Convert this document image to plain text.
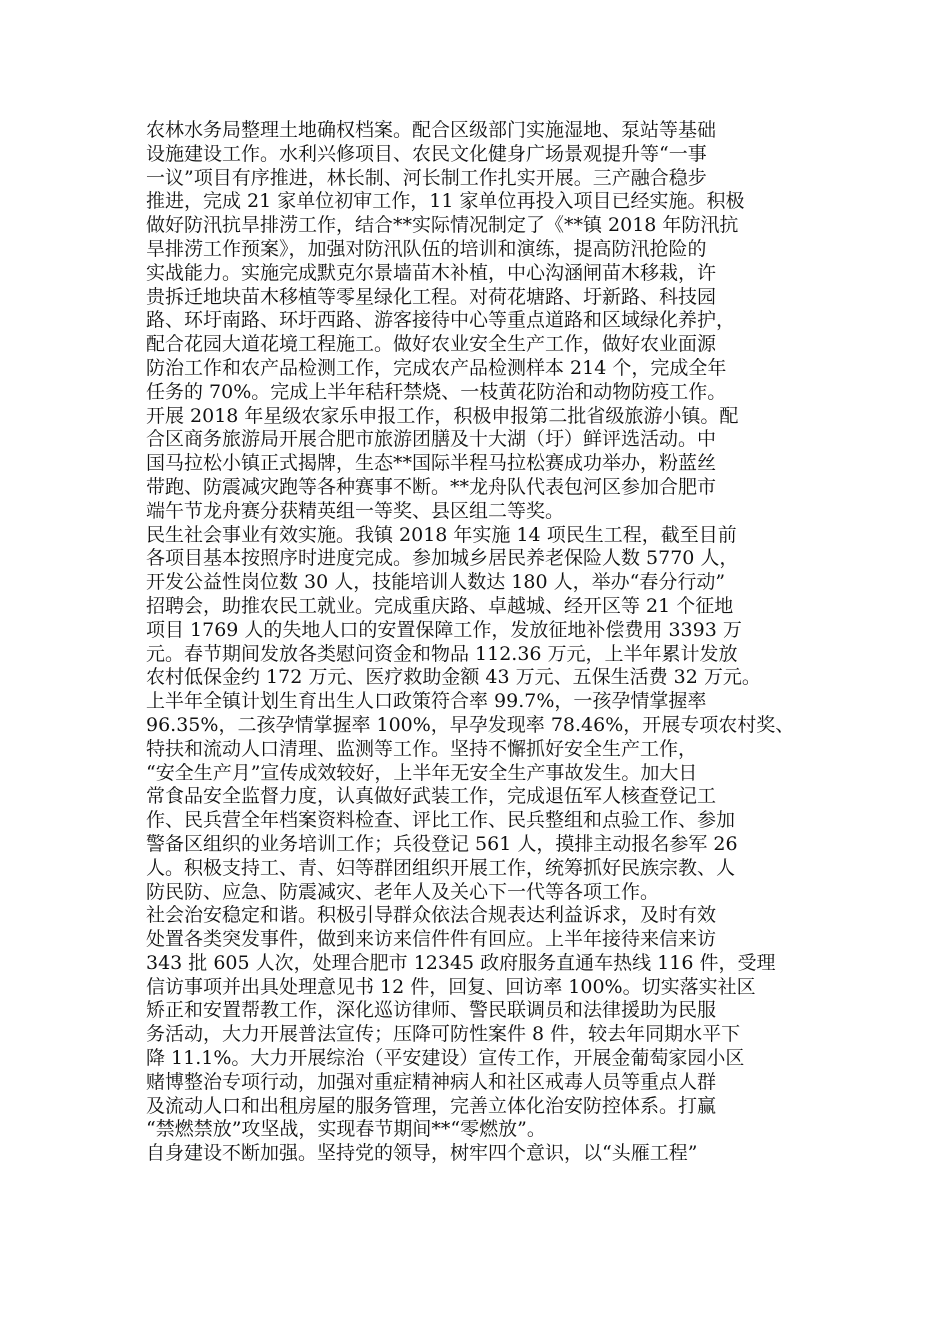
农林水务局整理土地确权档案。配合区级部门实施湿地、泵站等基础
设施建设工作。水利兴修项目、农民文化健身广场景观提升等“一事
一议”项目有序推进，林长制、河长制工作扎实开展。三产融合稳步
推进，完成 21 家单位初审工作，11 家单位再投入项目已经实施。积极
做好防汛抗旱排涝工作，结合**实际情况制定了《**镇 2018 年防汛抗
旱排涝工作预案》，加强对防汛队伍的培训和演练，提高防汛抢险的
实战能力。实施完成默克尔景墙苗木补植，中心沟涵闸苗木移栽，许
贵拆迁地块苗木移植等零星绿化工程。对荷花塘路、圩新路、科技园
路、环圩南路、环圩西路、游客接待中心等重点道路和区域绿化养护，
配合花园大道花境工程施工。做好农业安全生产工作，做好农业面源
防治工作和农产品检测工作，完成农产品检测样本 214 个，完成全年
任务的 70%。完成上半年秸秆禁烧、一枝黄花防治和动物防疫工作。
开展 2018 年星级农家乐申报工作，积极申报第二批省级旅游小镇。配
合区商务旅游局开展合肥市旅游团膳及十大湖（圩）鲜评选活动。中
国马拉松小镇正式揭牌，生态**国际半程马拉松赛成功举办，粉蓝丝
带跑、防震减灾跑等各种赛事不断。**龙舟队代表包河区参加合肥市
端午节龙舟赛分获精英组一等奖、县区组二等奖。
民生社会事业有效实施。我镇 2018 年实施 14 项民生工程，截至目前
各项目基本按照序时进度完成。参加城乡居民养老保险人数 5770 人，
开发公益性岗位数 30 人，技能培训人数达 180 人，举办“春分行动”
招聘会，助推农民工就业。完成重庆路、卓越城、经开区等 21 个征地
项目 1769 人的失地人口的安置保障工作，发放征地补偿费用 3393 万
元。春节期间发放各类慰问资金和物品 112.36 万元，上半年累计发放
农村低保金约 172 万元、医疗救助金额 43 万元、五保生活费 32 万元。
上半年全镇计划生育出生人口政策符合率 99.7%，一孩孕情掌握率
96.35%，二孩孕情掌握率 100%，早孕发现率 78.46%，开展专项农村奖、
特扶和流动人口清理、监测等工作。坚持不懈抓好安全生产工作，
“安全生产月”宣传成效较好，上半年无安全生产事故发生。加大日
常食品安全监督力度，认真做好武装工作，完成退伍军人核查登记工
作、民兵营全年档案资料检查、评比工作、民兵整组和点验工作、参加
警备区组织的业务培训工作；兵役登记 561 人，摸排主动报名参军 26
人。积极支持工、青、妇等群团组织开展工作，统筹抓好民族宗教、人
防民防、应急、防震减灾、老年人及关心下一代等各项工作。
社会治安稳定和谐。积极引导群众依法合规表达利益诉求，及时有效
处置各类突发事件，做到来访来信件件有回应。上半年接待来信来访
343 批 605 人次，处理合肥市 12345 政府服务直通车热线 116 件，受理
信访事项并出具处理意见书 12 件，回复、回访率 100%。切实落实社区
矫正和安置帮教工作，深化巡访律师、警民联调员和法律援助为民服
务活动，大力开展普法宣传；压降可防性案件 8 件，较去年同期水平下
降 11.1%。大力开展综治（平安建设）宣传工作，开展金葡萄家园小区
赌博整治专项行动，加强对重症精神病人和社区戒毒人员等重点人群
及流动人口和出租房屋的服务管理，完善立体化治安防控体系。打赢
“禁燃禁放”攻坚战，实现春节期间**“零燃放”。
自身建设不断加强。坚持党的领导，树牢四个意识，以“头雁工程”
